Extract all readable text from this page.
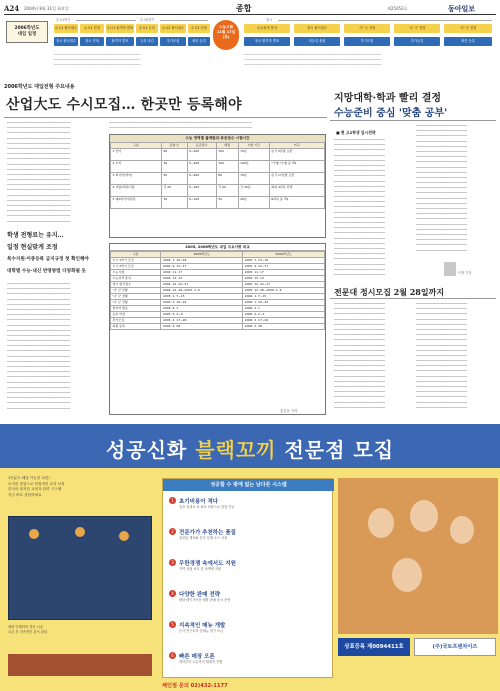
A24 2004년 8월 31일 화요일	종합	제25053호	동아일보
2006학년도
대입 일정
수시1학기	수시2학기	정시
수시1 원서접수	수시1 전형	수시1 합격자 발표	수시1 등록	수시2 원서접수	수시2 전형
정시 원서접수	정시 전형	합격자 발표	등록 마감	추가모집	최종 등록
수능시험
11월 17일
(목)
수능성적 통지	정시 원서접수	'가' 군 전형	'나' 군 전형	'다' 군 전형
정시 합격자 발표	미등록 충원	추가모집	추가등록	최종 등록
────────────────────────────────────────────────
────────────────────────────────────────────────
────────────────────────────────────────────────
────────────────────────────────────────────────────────────────────────────
────────────────────────────────────────────────────────────────────────────
────────────────────────────────────────────────────────────────────────────
2006학년도 대입전형 주요내용
산업大도 수시모집… 한곳만 등록해야
───────────────────────────────
───────────────────────────────
───────────────────────────────
───────────────────────────────
───────────────────────────────
───────────────────────────────
───────────────────────────────
───────────────────────────────
───────────────────────────────
───────────────────────────────
───────────────────────────────
───────────────────────────────
───────────────────────────────
───────────────────────────────
───────────────────────────────
───────────────────────────────
───────────────────────────────
───────────────────────────────
───────────────────────────────
───────────────────────────────
학생 전형료는 유지…
일정 현실맞게 조정
복수지원·이중등록 금지규정 첫 확인해야
대학별 수능·내신 반영방법 다양화될 듯
───────────────────────────────
───────────────────────────────
───────────────────────────────
───────────────────────────────
───────────────────────────────
───────────────────────────────
───────────────────────────────
───────────────────────────────
───────────────────────────────
───────────────────────────────
───────────────────────────────
───────────────────────────────
───────────────────────────────
───────────────────────────────
───────────────────────────────
───────────────────────────────
───────────────────────────────
───────────────────────────────
───────────────────────────────
───────────────────────────────
───────────────────────────────
───────────────────────────────
───────────────────────────────
───────────────────────────────
───────────────────────────────
──────────────────────────────────────────────────────────────────────
──────────────────────────────────────────────────────────────────────
수능 영역별 출제범위·표준점수·시험시간
구분	문항 수	표준점수	배점	시험 시간	비고
1 언어	60	0~200	100	70분	듣기 5문항 포함
2 수리	30	0~200	100	100분	'가'형·'나'형 중 택1
3 외국어(영어)	50	0~200	80	70분	듣기 17문항 포함
4 사탐/과탐/직탐	각 20	0~100	각 50	각 30분	최대 4과목 선택
5 제2외국어/한문	30	0~100	50	40분	8과목 중 택1
2005, 2006학년도 대입 주요사항 비교
구분	2005학년도	2006학년도
수시 1학기 모집	2004. 7. 15~18	2005. 7. 13~16
수시 2학기 모집	2004. 9. 13~17	2005. 9. 12~17
수능시험	2004. 11. 17	2005. 11. 17
수능성적 통지	2004. 12. 14	2005. 12. 14
정시 원서접수	2004. 12. 22~27	2005. 12. 22~27
'가' 군 전형	2004. 12. 28~2005. 1. 6	2005. 12. 28~2006. 1. 6
'나' 군 전형	2005. 1. 7~15	2006. 1. 7~15
'다' 군 전형	2005. 1. 16~24	2006. 1. 16~24
합격자 발표	2005. 2. 1	2006. 2. 1
등록 마감	2005. 2. 3~4	2006. 2. 2~3
추가모집	2005. 2. 17~26	2006. 2. 17~26
최종 등록	2005. 2. 28	2006. 2. 28
홍길동 기자
지망대학·학과 빨리 결정
수능준비 중심 '맞춤 공부'
■ 현 고2학생 입시전략
─────────────────────────
─────────────────────────
─────────────────────────
─────────────────────────
─────────────────────────
─────────────────────────
─────────────────────────
─────────────────────────
─────────────────────────
─────────────────────────
─────────────────────────
─────────────────────────
─────────────────────────
─────────────────────────
─────────────────────────
─────────────────────────
─────────────────────────
─────────────────────────
─────────────────────────
─────────────────────────
─────────────────────────
─────────────────────────
─────────────────────────
─────────────────────────
─────────────────────────
─────────────────────────
─────────────────────────
─────────────────────────
─────────────────────────
─────────────────────────
─────────────────────────
─────────────────────────
─────────────────────────
─────────────────────────
─────────────────────────
─────────────────────────
─────────────────────────
─────────────────────────
─────────────────────────
─────────────────────────
─────────────────────────
─────────────────────────
─────────────────────────
─────────────────────────
─────────────────────────
─────────────────────────
─────────────────────────
─────────────────────────
─────────────────────────
─────────────────────────
─────────────────────────
─────────────────────────
이현 기자
전문대 정시모집 2월 28일까지
─────────────────────────
─────────────────────────
─────────────────────────
─────────────────────────
─────────────────────────
─────────────────────────
─────────────────────────
─────────────────────────
─────────────────────────
─────────────────────────
─────────────────────────
─────────────────────────
─────────────────────────
─────────────────────────
─────────────────────────
─────────────────────────
─────────────────────────
─────────────────────────
─────────────────────────
─────────────────────────
─────────────────────────
─────────────────────────
─────────────────────────
─────────────────────────
─────────────────────────
─────────────────────────
─────────────────────────
─────────────────────────
─────────────────────────
─────────────────────────
─────────────────────────
─────────────────────────
─────────────────────────
─────────────────────────
─────────────────────────
─────────────────────────
─────────────────────────
─────────────────────────
─────────────────────────
─────────────────────────
─────────────────────────
─────────────────────────
성공신화 블랙꼬끼 전문점 모집
1인분도 배달 가능한 치킨!
소자본 창업으로 안정적인 수익 보장
본사의 철저한 교육과 관리 시스템
지금 바로 상담하세요
매장 인테리어 전문 시공
오픈 후 지속적인 본사 관리
성공할 수 밖에 없는 남다른 시스템
1 초기비용이 적다
점포 임대료 외 최소 비용으로 창업 가능
2 전문가가 추천하는 품질
엄선된 재료와 본사 특제 소스 사용
3 무한경쟁 속에서도 지원
지역 상권 보호 및 마케팅 지원
4 다양한 판매 전략
배달·테이크아웃·매장 판매 동시 운영
5 지속적인 메뉴 개발
본사 연구소의 신메뉴 정기 보급
6 빠른 매장 오픈
계약부터 오픈까지 체계적 진행
체인점 문의 02)432-1177
상표등록 제0094411호	(주)국토프랜차이즈
